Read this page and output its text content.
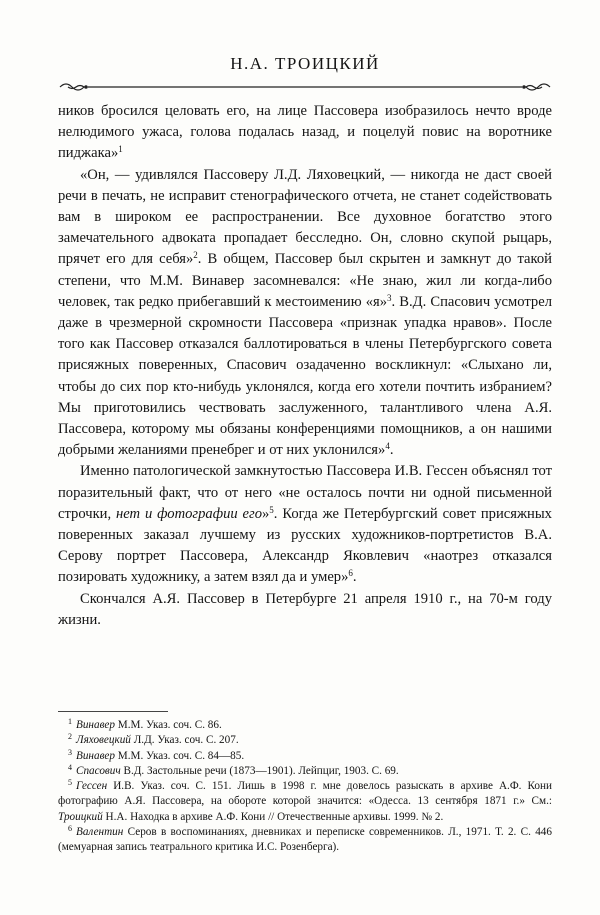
Н.А. ТРОИЦКИЙ

ников бросился целовать его, на лице Пассовера изобразилось нечто вроде нелюдимого ужаса, голова подалась назад, и поцелуй повис на воротнике пиджака»$^1$

«Он, — удивлялся Пассоверу Л.Д. Ляховецкий, — никогда не даст своей речи в печать, не исправит стенографического отчета, не станет содействовать вам в широком ее распространении. Все духовное богатство этого замечательного адвоката пропадает бесследно. Он, словно скупой рыцарь, прячет его для себя»$^2$. В общем, Пассовер был скрытен и замкнут до такой степени, что М.М. Винавер засомневался: «Не знаю, жил ли когда-либо человек, так редко прибегавший к местоимению «я»$^3$. В.Д. Спасович усмотрел даже в чрезмерной скромности Пассовера «признак упадка нравов». После того как Пассовер отказался баллотироваться в члены Петербургского совета присяжных поверенных, Спасович озадаченно воскликнул: «Слыхано ли, чтобы до сих пор кто-нибудь уклонялся, когда его хотели почтить избранием? Мы приготовились чествовать заслуженного, талантливого члена А.Я. Пассовера, которому мы обязаны конференциями помощников, а он нашими добрыми желаниями пренебрег и от них уклонился»$^4$.

Именно патологической замкнутостью Пассовера И.В. Гессен объяснял тот поразительный факт, что от него «не осталось почти ни одной письменной строчки, нет и фотографии его»$^5$. Когда же Петербургский совет присяжных поверенных заказал лучшему из русских художников-портретистов В.А. Серову портрет Пассовера, Александр Яковлевич «наотрез отказался позировать художнику, а затем взял да и умер»$^6$.

Скончался А.Я. Пассовер в Петербурге 21 апреля 1910 г., на 70-м году жизни.

1 Винавер М.М. Указ. соч. С. 86.

2 Ляховецкий Л.Д. Указ. соч. С. 207.

3 Винавер М.М. Указ. соч. С. 84—85.

4 Спасович В.Д. Застольные речи (1873—1901). Лейпциг, 1903. С. 69.

5 Гессен И.В. Указ. соч. С. 151. Лишь в 1998 г. мне довелось разыскать в архиве А.Ф. Кони фотографию А.Я. Пассовера, на обороте которой значится: «Одесса. 13 сентября 1871 г.» См.: Троицкий Н.А. Находка в архиве А.Ф. Кони // Отечественные архивы. 1999. № 2.

6 Валентин Серов в воспоминаниях, дневниках и переписке современников. Л., 1971. Т. 2. С. 446 (мемуарная запись театрального критика И.С. Розенберга).
